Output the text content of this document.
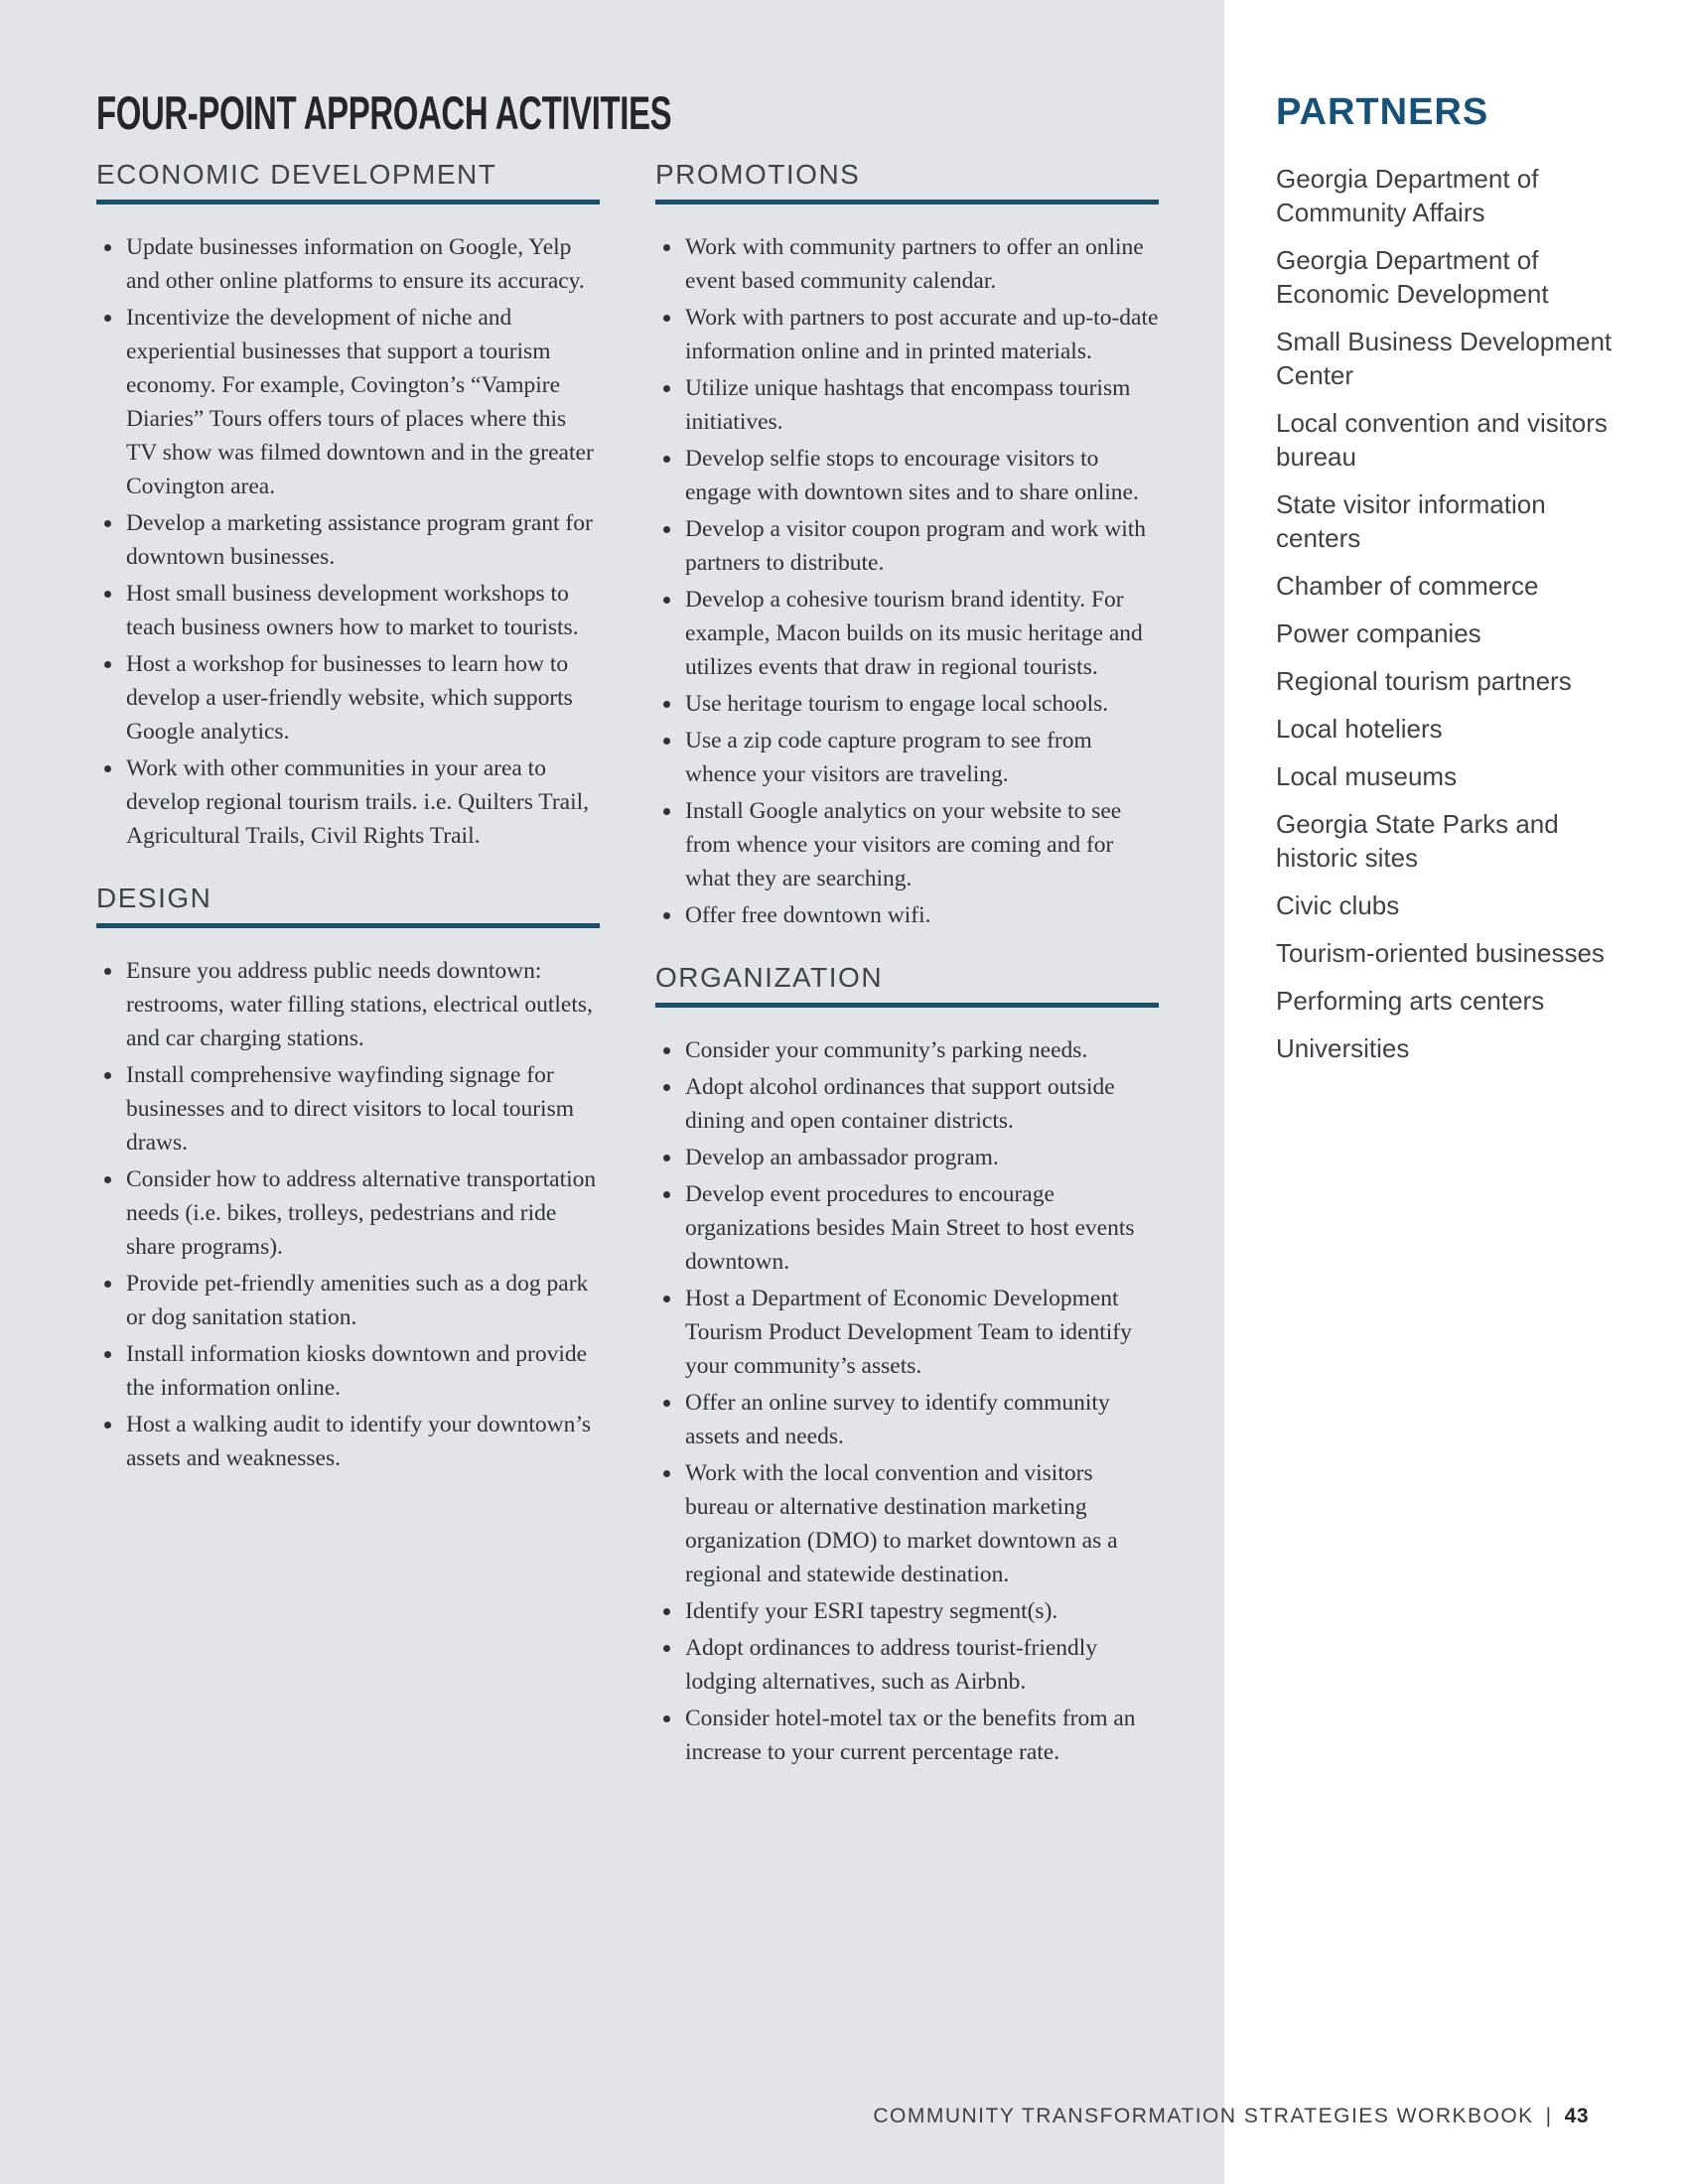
FOUR-POINT APPROACH ACTIVITIES
ECONOMIC DEVELOPMENT
Update businesses information on Google, Yelp and other online platforms to ensure its accuracy.
Incentivize the development of niche and experiential businesses that support a tourism economy. For example, Covington’s “Vampire Diaries” Tours offers tours of places where this TV show was filmed downtown and in the greater Covington area.
Develop a marketing assistance program grant for downtown businesses.
Host small business development workshops to teach business owners how to market to tourists.
Host a workshop for businesses to learn how to develop a user-friendly website, which supports Google analytics.
Work with other communities in your area to develop regional tourism trails. i.e. Quilters Trail, Agricultural Trails, Civil Rights Trail.
DESIGN
Ensure you address public needs downtown: restrooms, water filling stations, electrical outlets, and car charging stations.
Install comprehensive wayfinding signage for businesses and to direct visitors to local tourism draws.
Consider how to address alternative transportation needs (i.e. bikes, trolleys, pedestrians and ride share programs).
Provide pet-friendly amenities such as a dog park or dog sanitation station.
Install information kiosks downtown and provide the information online.
Host a walking audit to identify your downtown’s assets and weaknesses.
PROMOTIONS
Work with community partners to offer an online event based community calendar.
Work with partners to post accurate and up-to-date information online and in printed materials.
Utilize unique hashtags that encompass tourism initiatives.
Develop selfie stops to encourage visitors to engage with downtown sites and to share online.
Develop a visitor coupon program and work with partners to distribute.
Develop a cohesive tourism brand identity. For example, Macon builds on its music heritage and utilizes events that draw in regional tourists.
Use heritage tourism to engage local schools.
Use a zip code capture program to see from whence your visitors are traveling.
Install Google analytics on your website to see from whence your visitors are coming and for what they are searching.
Offer free downtown wifi.
ORGANIZATION
Consider your community’s parking needs.
Adopt alcohol ordinances that support outside dining and open container districts.
Develop an ambassador program.
Develop event procedures to encourage organizations besides Main Street to host events downtown.
Host a Department of Economic Development Tourism Product Development Team to identify your community’s assets.
Offer an online survey to identify community assets and needs.
Work with the local convention and visitors bureau or alternative destination marketing organization (DMO) to market downtown as a regional and statewide destination.
Identify your ESRI tapestry segment(s).
Adopt ordinances to address tourist-friendly lodging alternatives, such as Airbnb.
Consider hotel-motel tax or the benefits from an increase to your current percentage rate.
PARTNERS
Georgia Department of Community Affairs
Georgia Department of Economic Development
Small Business Development Center
Local convention and visitors bureau
State visitor information centers
Chamber of commerce
Power companies
Regional tourism partners
Local hoteliers
Local museums
Georgia State Parks and historic sites
Civic clubs
Tourism-oriented businesses
Performing arts centers
Universities
COMMUNITY TRANSFORMATION STRATEGIES WORKBOOK | 43
